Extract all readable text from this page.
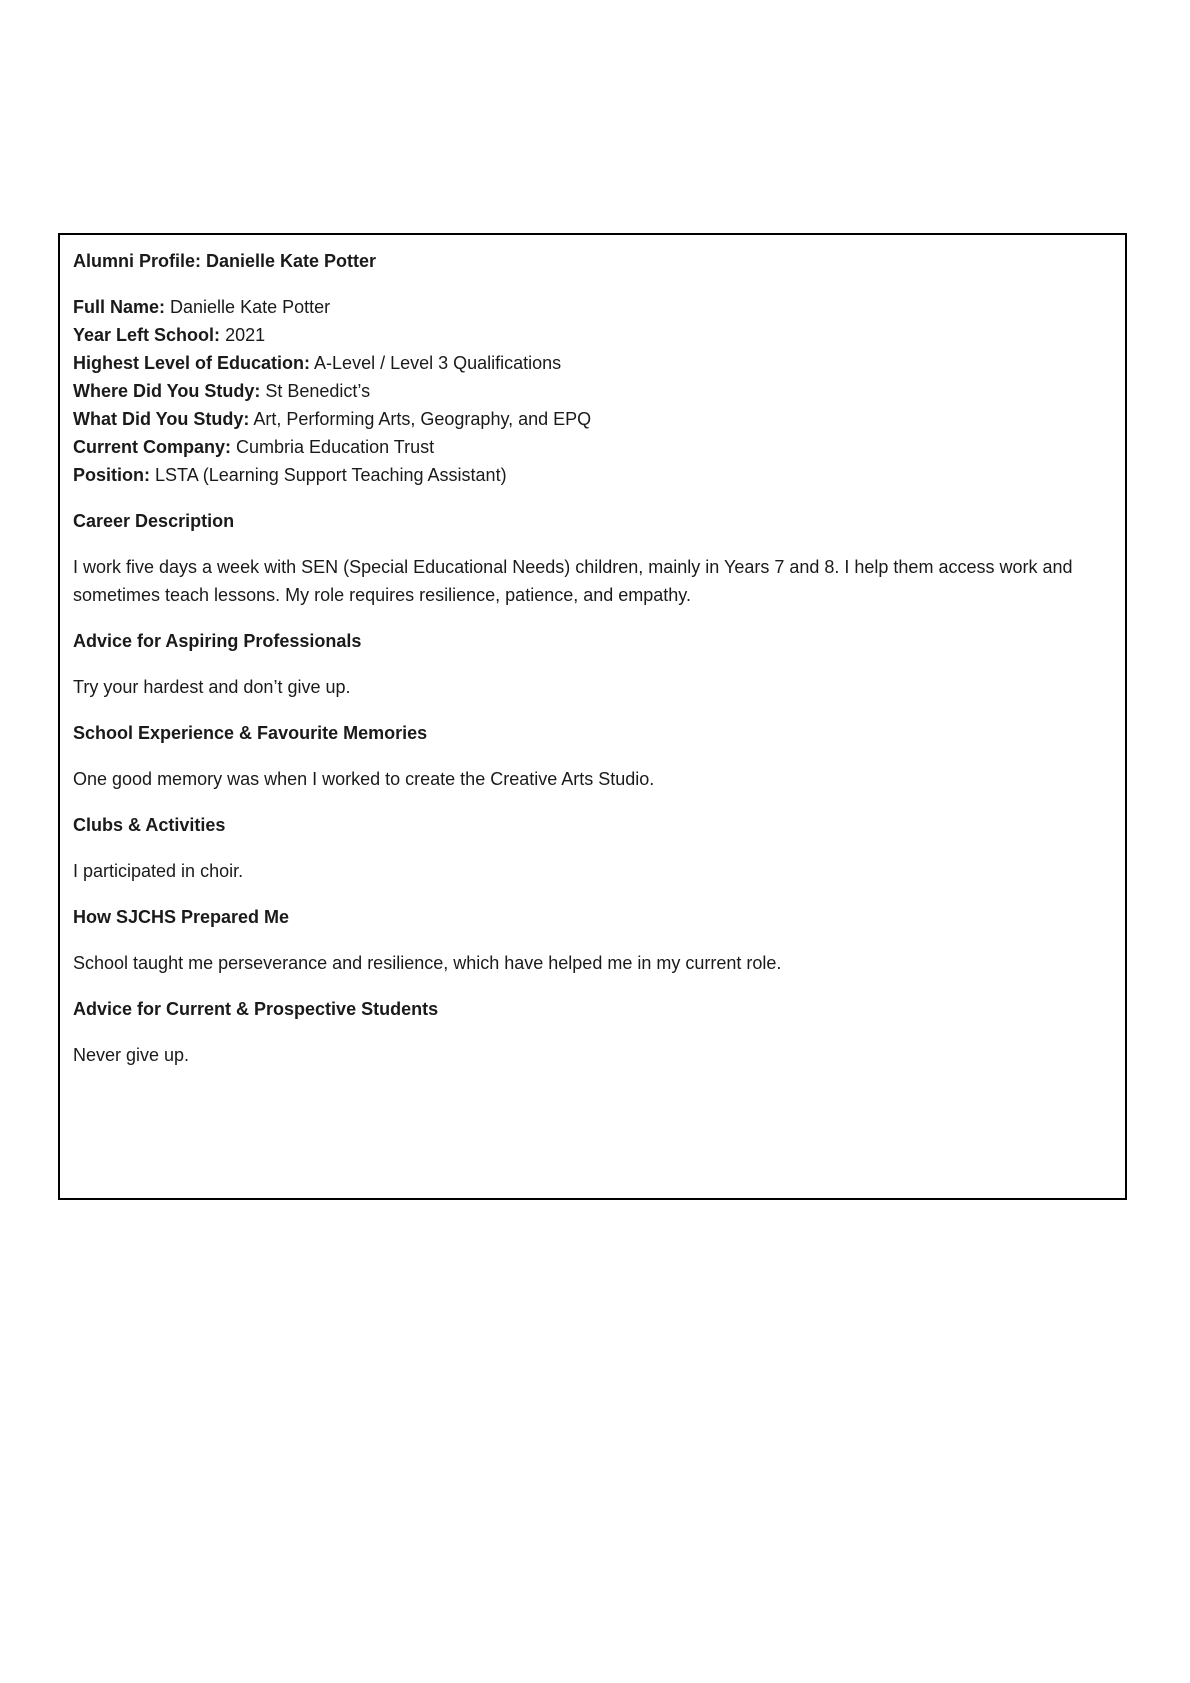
Alumni Profile: Danielle Kate Potter
Full Name: Danielle Kate Potter
Year Left School: 2021
Highest Level of Education: A-Level / Level 3 Qualifications
Where Did You Study: St Benedict’s
What Did You Study: Art, Performing Arts, Geography, and EPQ
Current Company: Cumbria Education Trust
Position: LSTA (Learning Support Teaching Assistant)
Career Description

I work five days a week with SEN (Special Educational Needs) children, mainly in Years 7 and 8. I help them access work and sometimes teach lessons. My role requires resilience, patience, and empathy.

Advice for Aspiring Professionals

Try your hardest and don’t give up.

School Experience & Favourite Memories

One good memory was when I worked to create the Creative Arts Studio.

Clubs & Activities

I participated in choir.

How SJCHS Prepared Me

School taught me perseverance and resilience, which have helped me in my current role.

Advice for Current & Prospective Students

Never give up.
